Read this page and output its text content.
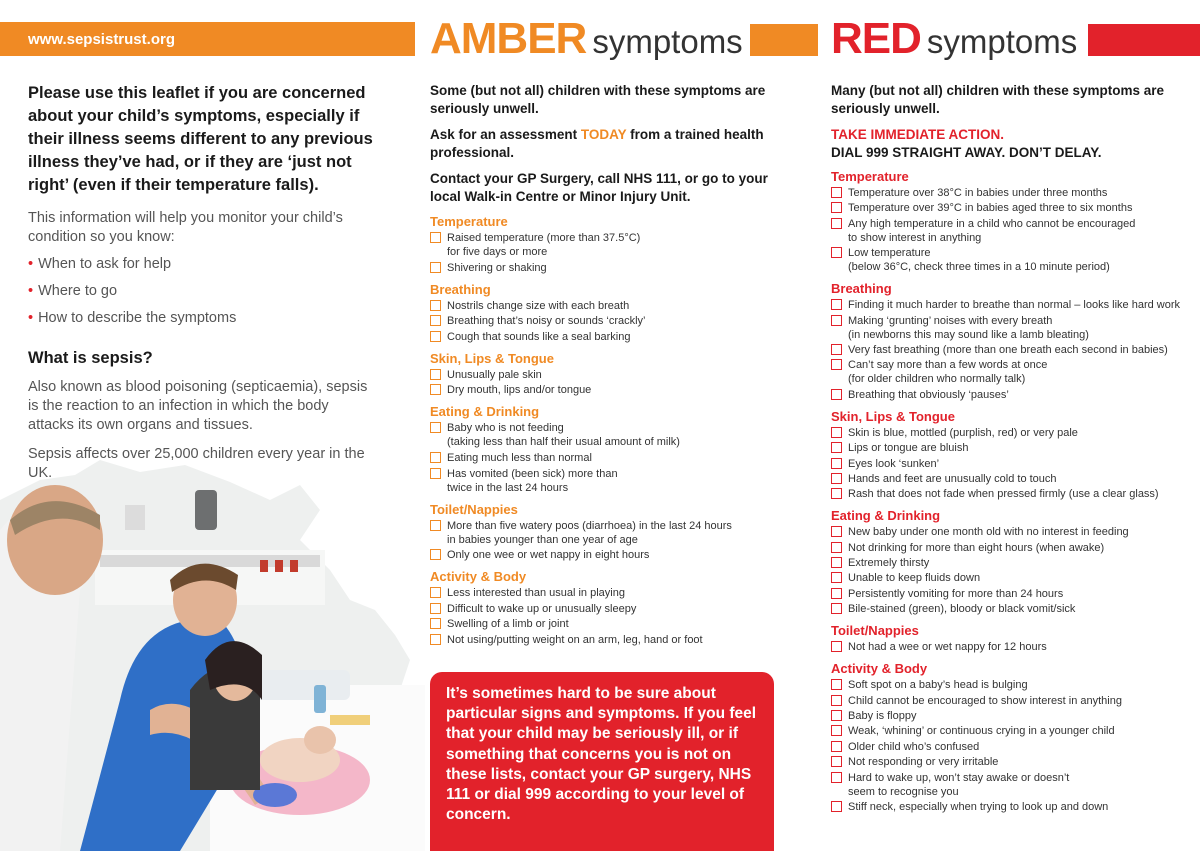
www.sepsistrust.org	AMBER symptoms RED symptoms

Please use this leaflet if you are concerned about your child’s symptoms, especially if their illness seems different to any previous illness they’ve had, or if they are ‘just not right’ (even if their temperature falls).

This information will help you monitor your child’s condition so you know:

• When to ask for help
• Where to go
• How to describe the symptoms
What is sepsis?

Also known as blood poisoning (septicaemia), sepsis is the reaction to an infection in which the body attacks its own organs and tissues.

Sepsis affects over 25,000 children every year in the UK.

Some (but not all) children with these symptoms are seriously unwell.

Ask for an assessment TODAY from a trained health professional.

Contact your GP Surgery, call NHS 111, or go to your local Walk-in Centre or Minor Injury Unit.

Temperature
Raised temperature (more than 37.5°C)
for five days or more
Shivering or shaking
Breathing
Nostrils change size with each breath
Breathing that’s noisy or sounds ‘crackly’
Cough that sounds like a seal barking
Skin, Lips & Tongue
Unusually pale skin
Dry mouth, lips and/or tongue
Eating & Drinking
Baby who is not feeding
(taking less than half their usual amount of milk)
Eating much less than normal
Has vomited (been sick) more than
twice in the last 24 hours
Toilet/Nappies
More than five watery poos (diarrhoea) in the last 24 hours
in babies younger than one year of age
Only one wee or wet nappy in eight hours
Activity & Body
Less interested than usual in playing
Difficult to wake up or unusually sleepy
Swelling of a limb or joint
Not using/putting weight on an arm, leg, hand or foot

It’s sometimes hard to be sure about particular signs and symptoms. If you feel that your child may be seriously ill, or if something that concerns you is not on these lists, contact your GP surgery, NHS 111 or dial 999 according to your level of concern.

Many (but not all) children with these symptoms are seriously unwell.

TAKE IMMEDIATE ACTION.
DIAL 999 STRAIGHT AWAY. DON’T DELAY.

Temperature
Temperature over 38°C in babies under three months
Temperature over 39°C in babies aged three to six months
Any high temperature in a child who cannot be encouraged
to show interest in anything
Low temperature
(below 36°C, check three times in a 10 minute period)
Breathing
Finding it much harder to breathe than normal – looks like hard work
Making ‘grunting’ noises with every breath
(in newborns this may sound like a lamb bleating)
Very fast breathing (more than one breath each second in babies)
Can’t say more than a few words at once
(for older children who normally talk)
Breathing that obviously ‘pauses’
Skin, Lips & Tongue
Skin is blue, mottled (purplish, red) or very pale
Lips or tongue are bluish
Eyes look ‘sunken’
Hands and feet are unusually cold to touch
Rash that does not fade when pressed firmly (use a clear glass)
Eating & Drinking
New baby under one month old with no interest in feeding
Not drinking for more than eight hours (when awake)
Extremely thirsty
Unable to keep fluids down
Persistently vomiting for more than 24 hours
Bile-stained (green), bloody or black vomit/sick
Toilet/Nappies
Not had a wee or wet nappy for 12 hours
Activity & Body
Soft spot on a baby’s head is bulging
Child cannot be encouraged to show interest in anything
Baby is floppy
Weak, ‘whining’ or continuous crying in a younger child
Older child who’s confused
Not responding or very irritable
Hard to wake up, won’t stay awake or doesn’t
seem to recognise you
Stiff neck, especially when trying to look up and down
